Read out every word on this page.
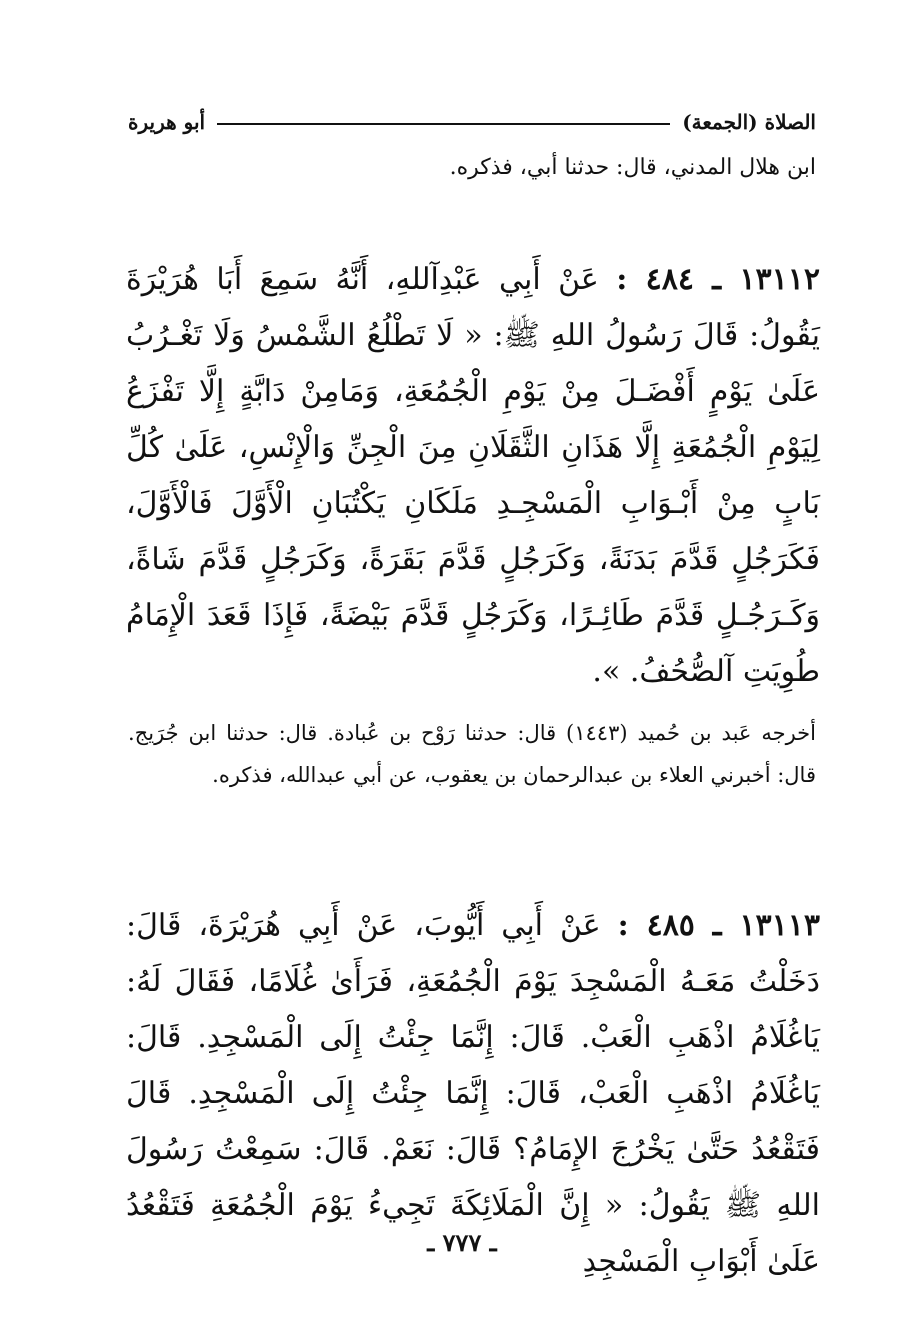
الصلاة (الجمعة)
أبو هريرة
ابن هلال المدني، قال: حدثنا أبي، فذكره.
١٣١١٢ ـ ٤٨٤ : عَنْ أَبِي عَبْدِآللهِ، أَنَّهُ سَمِعَ أَبَا هُرَيْرَةَ يَقُولُ: قَالَ رَسُولُ اللهِ ﷺ: « لَا تَطْلُعُ الشَّمْسُ وَلَا تَغْـرُبُ عَلَىٰ يَوْمٍ أَفْضَـلَ مِنْ يَوْمِ الْجُمُعَةِ، وَمَامِنْ دَابَّةٍ إِلَّا تَفْزَعُ لِيَوْمِ الْجُمُعَةِ إِلَّا هَذَانِ الثَّقَلَانِ مِنَ الْجِنِّ وَالْإِنْسِ، عَلَىٰ كُلِّ بَابٍ مِنْ أَبْـوَابِ الْمَسْجِـدِ مَلَكَانِ يَكْتُبَانِ الْأَوَّلَ فَالْأَوَّلَ، فَكَرَجُلٍ قَدَّمَ بَدَنَةً، وَكَرَجُلٍ قَدَّمَ بَقَرَةً، وَكَرَجُلٍ قَدَّمَ شَاةً، وَكَـرَجُـلٍ قَدَّمَ طَائِـرًا، وَكَرَجُلٍ قَدَّمَ بَيْضَةً، فَإِذَا قَعَدَ الْإِمَامُ طُوِيَتِ آلصُّحُفُ. ».
أخرجه عَبد بن حُميد (١٤٤٣) قال: حدثنا رَوْح بن عُبادة. قال: حدثنا ابن جُرَيج. قال: أخبرني العلاء بن عبدالرحمان بن يعقوب، عن أبي عبدالله، فذكره.
١٣١١٣ ـ ٤٨٥ : عَنْ أَبِي أَيُّوبَ، عَنْ أَبِي هُرَيْرَةَ، قَالَ: دَخَلْتُ مَعَـهُ الْمَسْجِدَ يَوْمَ الْجُمُعَةِ، فَرَأَىٰ غُلَامًا، فَقَالَ لَهُ: يَاغُلَامُ اذْهَبِ الْعَبْ. قَالَ: إِنَّمَا جِئْتُ إِلَى الْمَسْجِدِ. قَالَ: يَاغُلَامُ اذْهَبِ الْعَبْ، قَالَ: إِنَّمَا جِئْتُ إِلَى الْمَسْجِدِ. قَالَ فَتَقْعُدُ حَتَّىٰ يَخْرُجَ الإِمَامُ؟ قَالَ: نَعَمْ. قَالَ: سَمِعْتُ رَسُولَ اللهِ ﷺ يَقُولُ: « إِنَّ الْمَلَائِكَةَ تَجِيءُ يَوْمَ الْجُمُعَةِ فَتَقْعُدُ عَلَىٰ أَبْوَابِ الْمَسْجِدِ
ـ ٧٧٧ ـ
